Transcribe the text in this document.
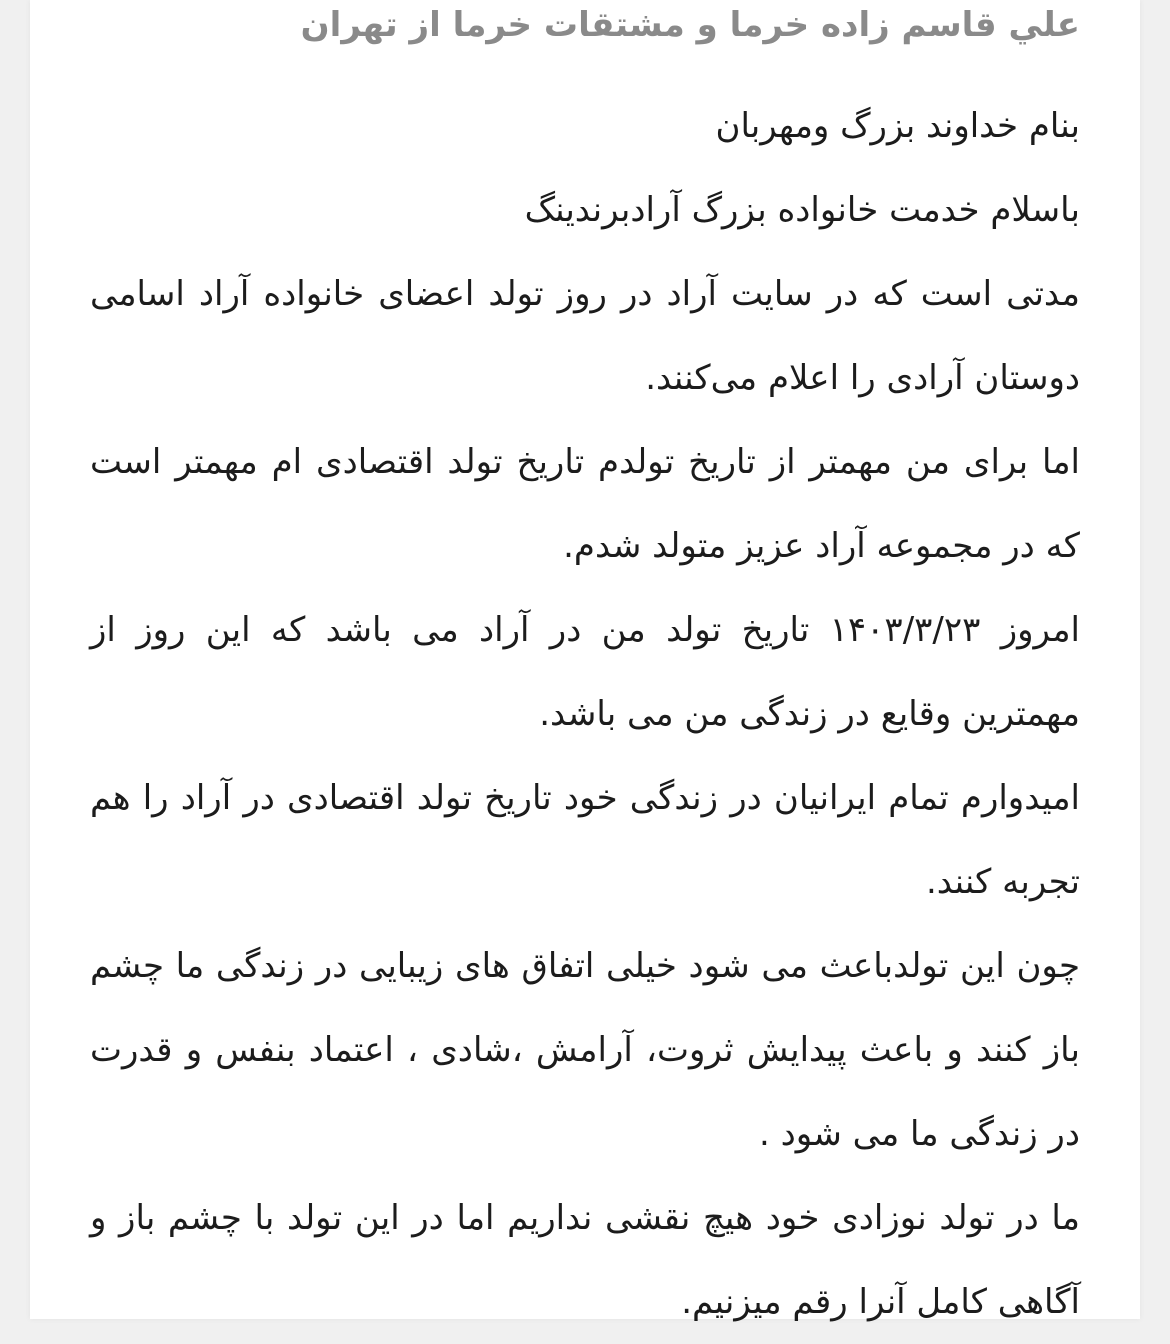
علي قاسم زاده خرما و مشتقات خرما از تهران

بنام خداوند بزرگ ومهربان

باسلام خدمت خانواده بزرگ آرادبرندینگ

مدتی است که در سایت آراد در روز تولد اعضای خانواده آراد اسامی دوستان آرادی را اعلام می‌کنند.

اما برای من مهمتر از تاریخ تولدم تاریخ تولد اقتصادی ام مهمتر است که در مجموعه آراد عزیز متولد شدم.

امروز ۱۴۰۳/۳/۲۳ تاریخ تولد من در آراد می باشد که این روز از مهمترین وقایع در زندگی من می باشد.

امیدوارم تمام ایرانیان در زندگی خود تاریخ تولد اقتصادی در آراد را هم تجربه کنند.

چون این تولدباعث می شود خیلی اتفاق های زیبایی در زندگی ما چشم باز کنند و باعث پیدایش ثروت، آرامش ،شادی ، اعتماد بنفس و قدرت در زندگی ما می شود .

ما در تولد نوزادی خود هیچ نقشی نداریم اما در این تولد با چشم باز و آگاهی کامل آنرا رقم میزنیم.
